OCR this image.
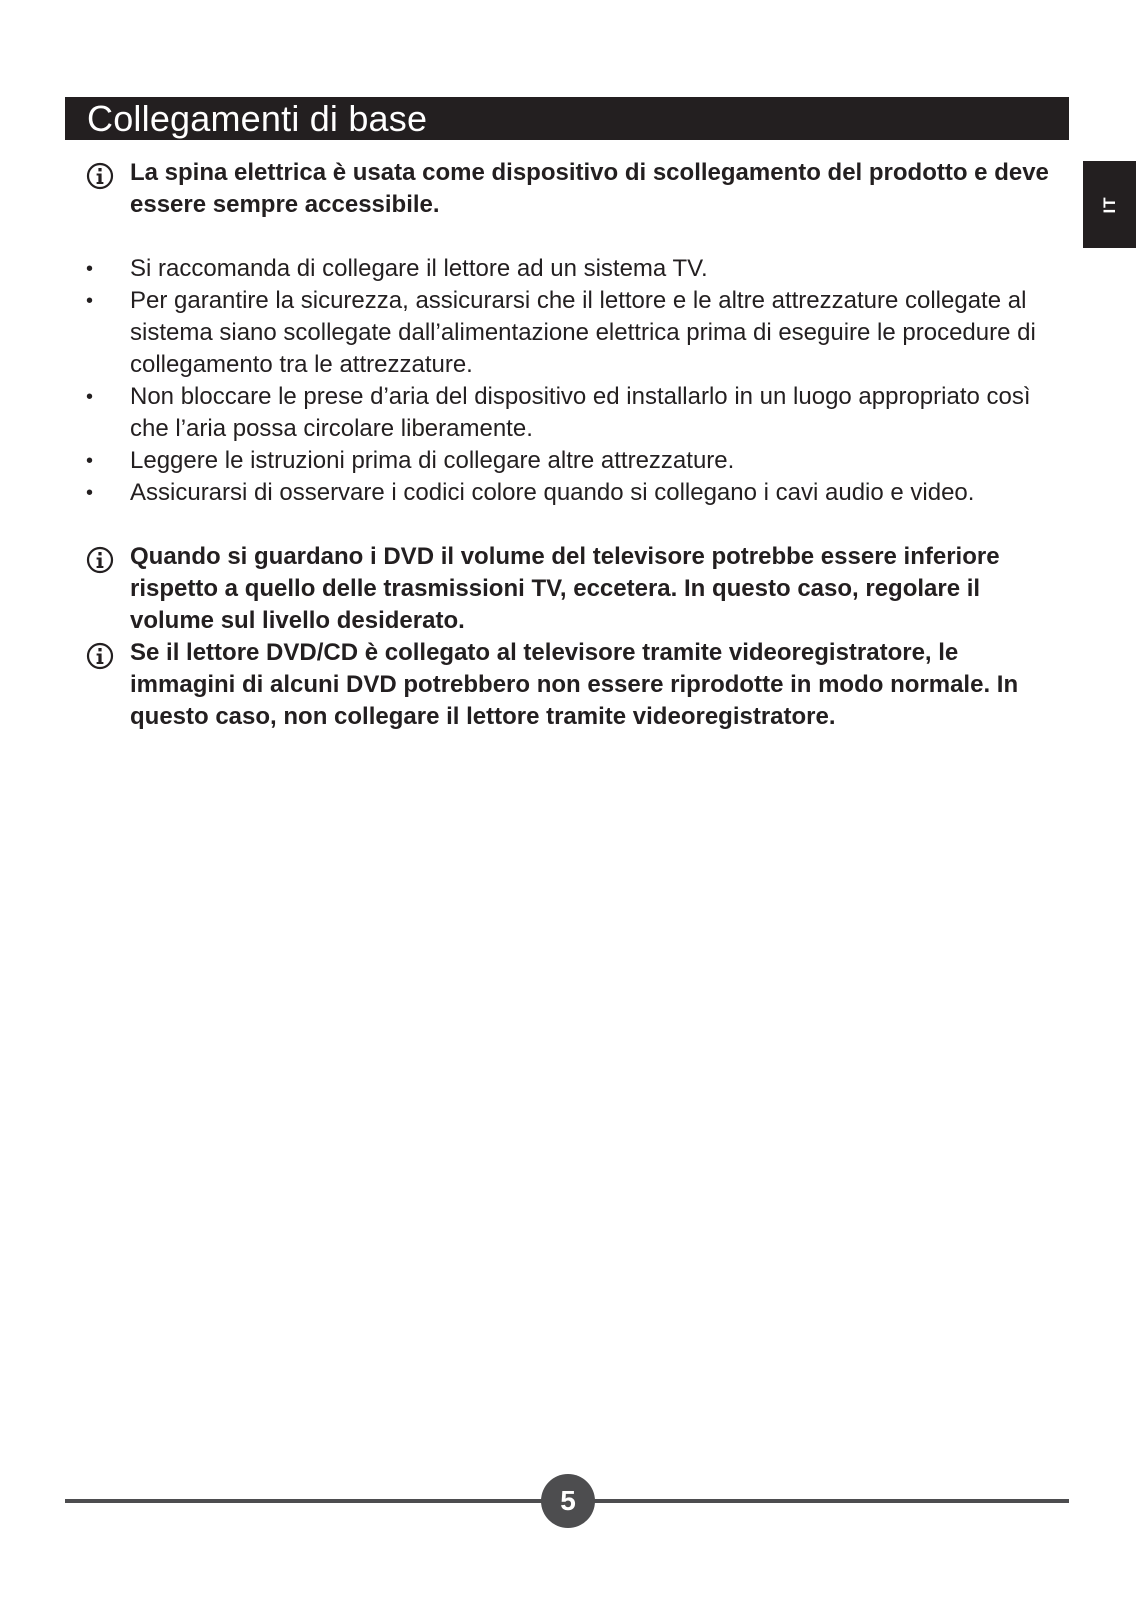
Collegamenti di base
IT
La spina elettrica è usata come dispositivo di scollegamento del prodotto e deve essere sempre accessibile.
•	Si raccomanda di collegare il lettore ad un sistema TV.
•	Per garantire la sicurezza, assicurarsi che il lettore e le altre attrezzature collegate al sistema siano scollegate dall’alimentazione elettrica prima di eseguire le procedure di collegamento tra le attrezzature.
•	Non bloccare le prese d’aria del dispositivo ed installarlo in un luogo appropriato così che l’aria possa circolare liberamente.
•	Leggere le istruzioni prima di collegare altre attrezzature.
•	Assicurarsi di osservare i codici colore quando si collegano i cavi audio e video.
Quando si guardano i DVD il volume del televisore potrebbe essere inferiore rispetto a quello delle trasmissioni TV, eccetera. In questo caso, regolare il volume sul livello desiderato.
Se il lettore DVD/CD è collegato al televisore tramite videoregistratore, le immagini di alcuni DVD potrebbero non essere riprodotte in modo normale. In questo caso, non collegare il lettore tramite videoregistratore.
5
